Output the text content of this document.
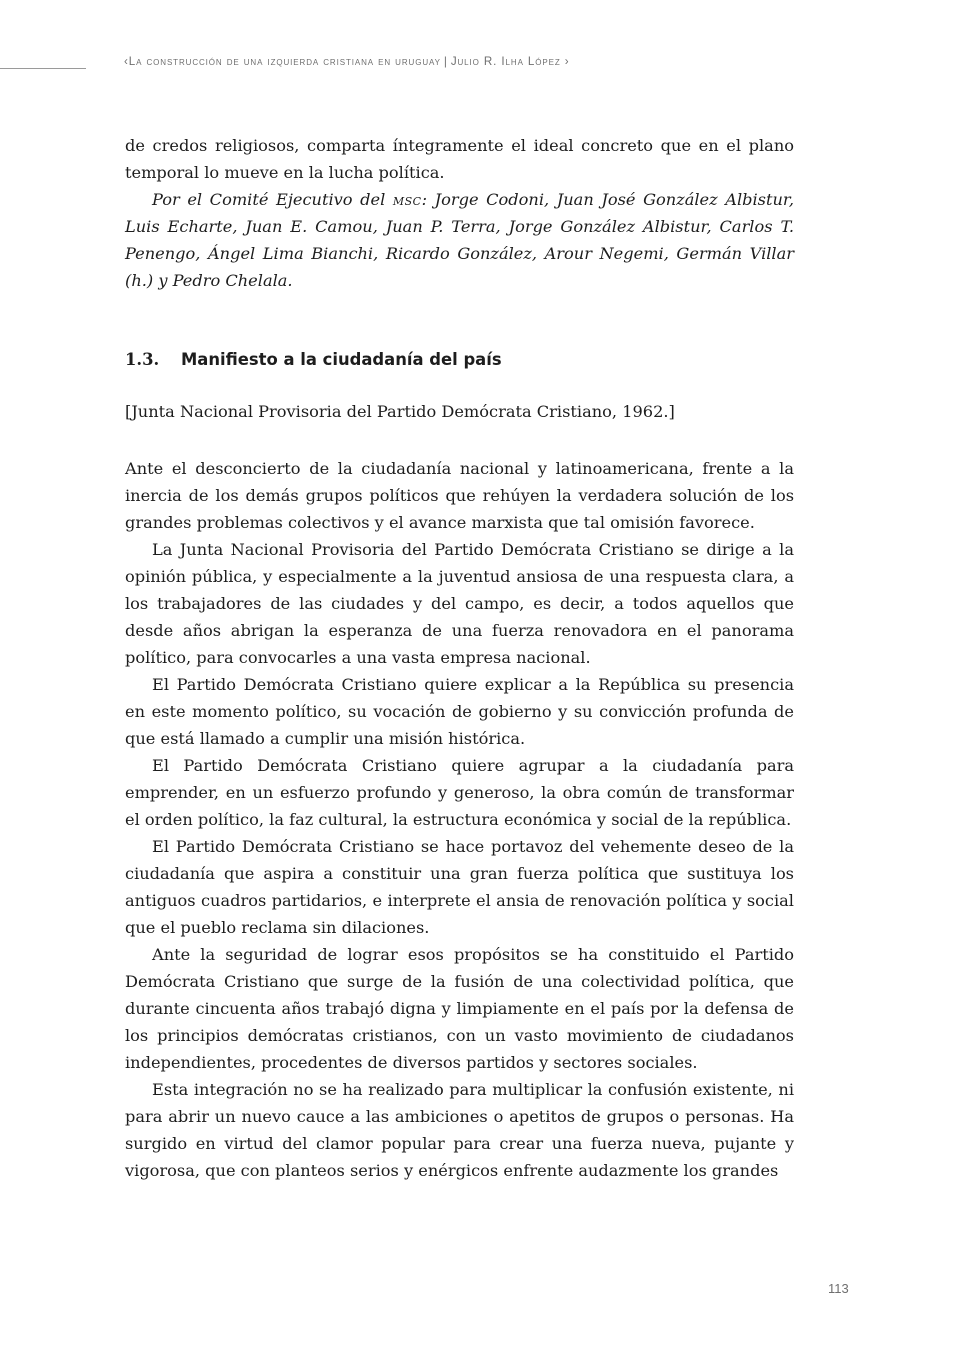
‹La construcción de una izquierda cristiana en uruguay | Julio R. Ilha López ›

de credos religiosos, comparta íntegramente el ideal concreto que en el plano temporal lo mueve en la lucha política.

Por el Comité Ejecutivo del msc: Jorge Codoni, Juan José González Albistur, Luis Echarte, Juan E. Camou, Juan P. Terra, Jorge González Albistur, Carlos T. Penengo, Ángel Lima Bianchi, Ricardo González, Arour Negemi, Germán Villar (h.) y Pedro Chelala.

1.3. Manifiesto a la ciudadanía del país
[Junta Nacional Provisoria del Partido Demócrata Cristiano, 1962.]

Ante el desconcierto de la ciudadanía nacional y latinoamericana, frente a la inercia de los demás grupos políticos que rehúyen la verdadera solución de los grandes problemas colectivos y el avance marxista que tal omisión favorece.

La Junta Nacional Provisoria del Partido Demócrata Cristiano se dirige a la opinión pública, y especialmente a la juventud ansiosa de una respuesta clara, a los trabajadores de las ciudades y del campo, es decir, a todos aquellos que desde años abrigan la esperanza de una fuerza renovadora en el panorama político, para convocarles a una vasta empresa nacional.

El Partido Demócrata Cristiano quiere explicar a la República su presencia en este momento político, su vocación de gobierno y su convicción profunda de que está llamado a cumplir una misión histórica.

El Partido Demócrata Cristiano quiere agrupar a la ciudadanía para emprender, en un esfuerzo profundo y generoso, la obra común de transformar el orden político, la faz cultural, la estructura económica y social de la república.

El Partido Demócrata Cristiano se hace portavoz del vehemente deseo de la ciudadanía que aspira a constituir una gran fuerza política que sustituya los antiguos cuadros partidarios, e interprete el ansia de renovación política y social que el pueblo reclama sin dilaciones.

Ante la seguridad de lograr esos propósitos se ha constituido el Partido Demócrata Cristiano que surge de la fusión de una colectividad política, que durante cincuenta años trabajó digna y limpiamente en el país por la defensa de los principios demócratas cristianos, con un vasto movimiento de ciudadanos independientes, procedentes de diversos partidos y sectores sociales.

Esta integración no se ha realizado para multiplicar la confusión existente, ni para abrir un nuevo cauce a las ambiciones o apetitos de grupos o personas. Ha surgido en virtud del clamor popular para crear una fuerza nueva, pujante y vigorosa, que con planteos serios y enérgicos enfrente audazmente los grandes

113
